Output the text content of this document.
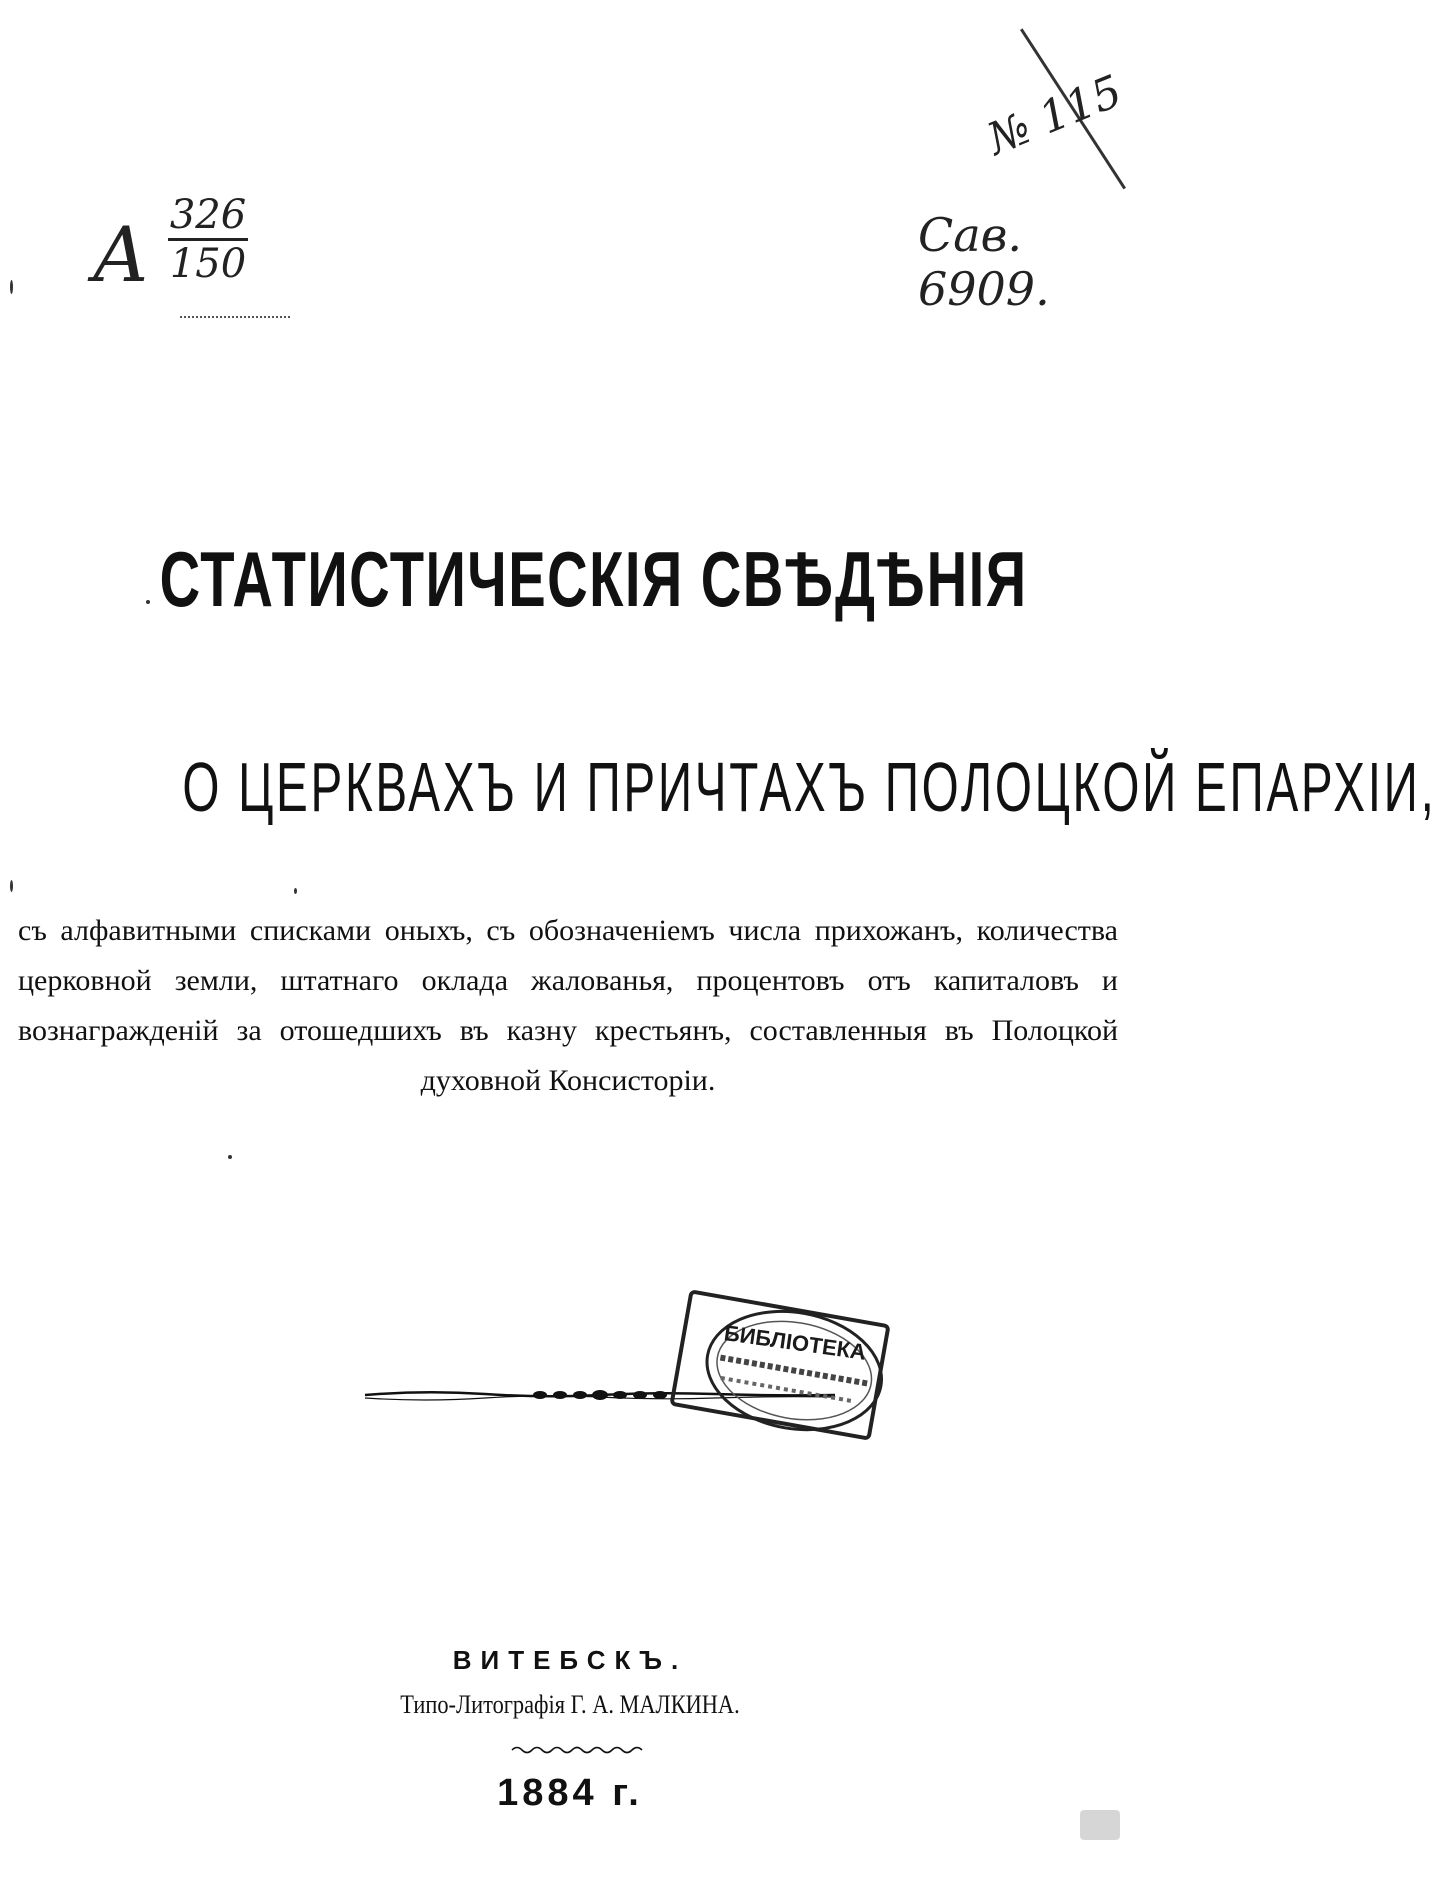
А 326
150
№ 115
Сав.
6909.
СТАТИСТИЧЕСКІЯ СВѢДѢНІЯ
О ЦЕРКВАХЪ И ПРИЧТАХЪ ПОЛОЦКОЙ ЕПАРХІИ,
съ алфавитными списками оныхъ, съ обозначеніемъ числа прихожанъ, количества церковной земли, штатнаго оклада жалованья, процентовъ отъ капиталовъ и вознагражденій за отошедшихъ въ казну крестьянъ, составленныя въ Полоцкой духовной Консисторіи.
БИБЛІОТЕКА
ВИТЕБСКЪ.
Типо-Литографія Г. А. МАЛКИНА.
1884 г.
